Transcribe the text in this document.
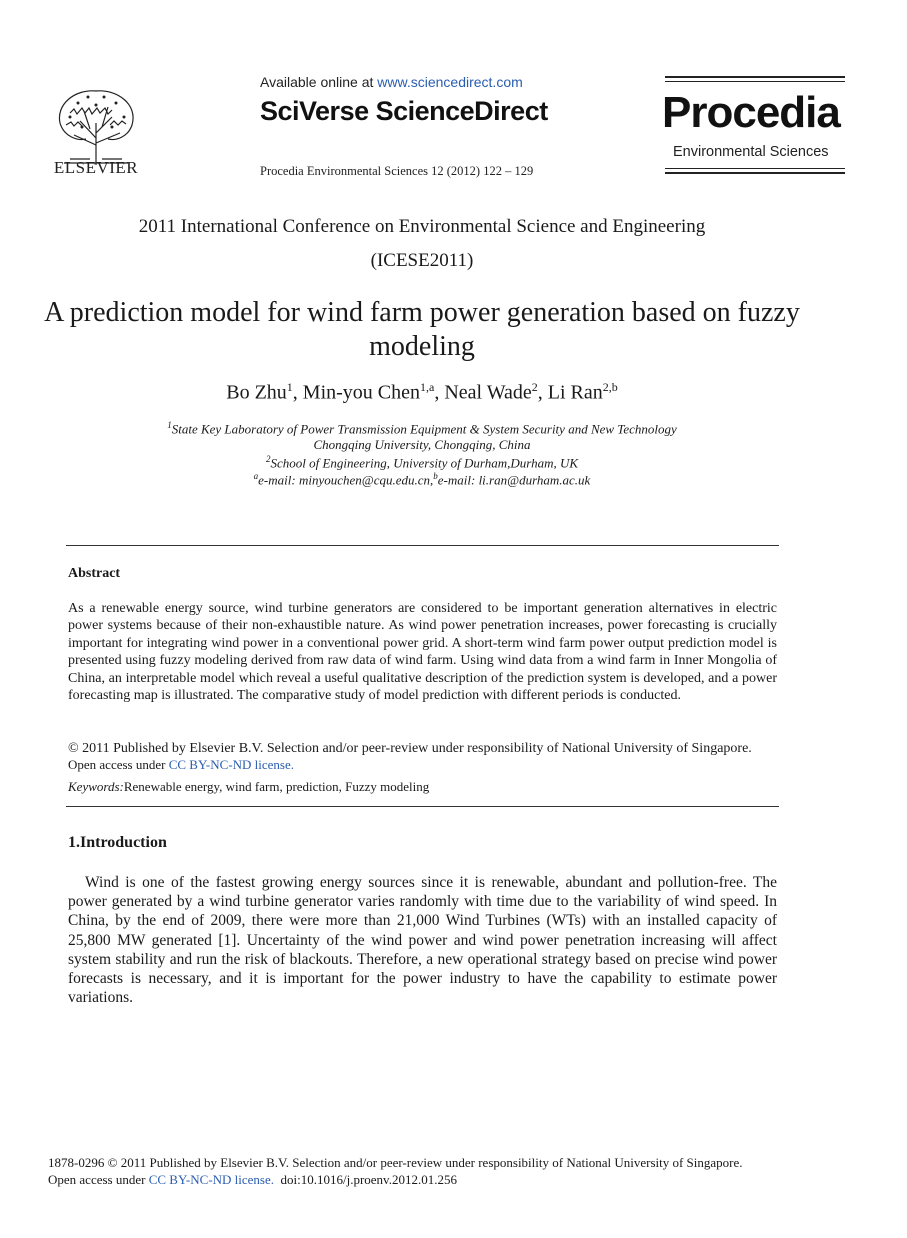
ELSEVIER
Available online at www.sciencedirect.com
SciVerse ScienceDirect
Procedia Environmental Sciences 12 (2012) 122 – 129
Procedia
Environmental Sciences
2011 International Conference on Environmental Science and Engineering
(ICESE2011)
A prediction model for wind farm power generation based on fuzzy modeling
Bo Zhu$^1$, Min-you Chen$^{1,a}$, Neal Wade$^2$, Li Ran$^{2,b}$
$^1$State Key Laboratory of Power Transmission Equipment & System Security and New Technology
Chongqing University, Chongqing, China
$^2$School of Engineering, University of Durham,Durham, UK
$^a$e-mail: minyouchen@cqu.edu.cn,$^b$e-mail: li.ran@durham.ac.uk
Abstract
As a renewable energy source, wind turbine generators are considered to be important generation alternatives in electric power systems because of their non-exhaustible nature. As wind power penetration increases, power forecasting is crucially important for integrating wind power in a conventional power grid. A short-term wind farm power output prediction model is presented using fuzzy modeling derived from raw data of wind farm. Using wind data from a wind farm in Inner Mongolia of China, an interpretable model which reveal a useful qualitative description of the prediction system is developed, and a power forecasting map is illustrated. The comparative study of model prediction with different periods is conducted.
© 2011 Published by Elsevier B.V. Selection and/or peer-review under responsibility of National University of Singapore.
Open access under CC BY-NC-ND license.
Keywords:Renewable energy, wind farm, prediction, Fuzzy modeling
1.Introduction
Wind is one of the fastest growing energy sources since it is renewable, abundant and pollution-free. The power generated by a wind turbine generator varies randomly with time due to the variability of wind speed. In China, by the end of 2009, there were more than 21,000 Wind Turbines (WTs) with an installed capacity of 25,800 MW generated [1]. Uncertainty of the wind power and wind power penetration increasing will affect system stability and run the risk of blackouts. Therefore, a new operational strategy based on precise wind power forecasts is necessary, and it is important for the power industry to have the capability to estimate power variations.
1878-0296 © 2011 Published by Elsevier B.V. Selection and/or peer-review under responsibility of National University of Singapore.
Open access under CC BY-NC-ND license. doi:10.1016/j.proenv.2012.01.256
